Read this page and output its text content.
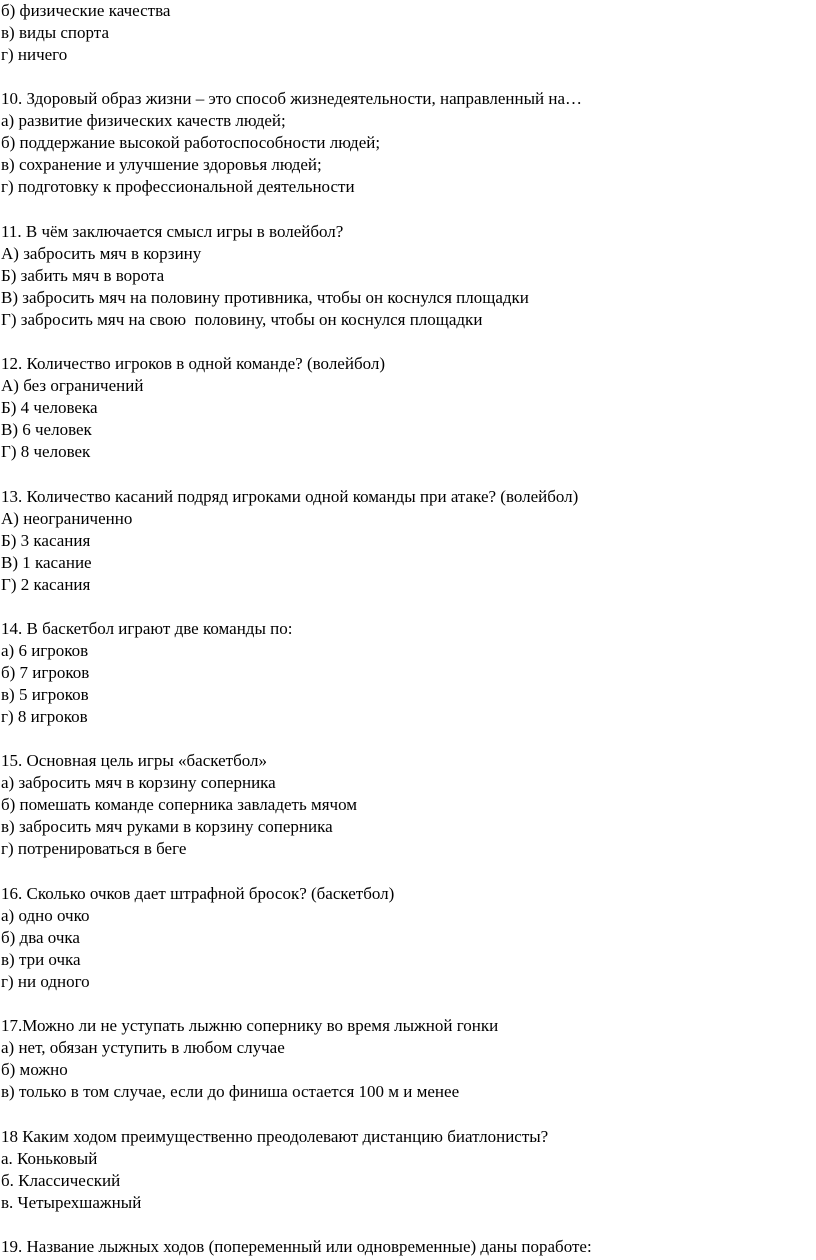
б) физические качества
в) виды спорта
г) ничего
10. Здоровый образ жизни – это способ жизнедеятельности, направленный на…
а) развитие физических качеств людей;
б) поддержание высокой работоспособности людей;
в) сохранение и улучшение здоровья людей;
г) подготовку к профессиональной деятельности
11. В чём заключается смысл игры в волейбол?
А) забросить мяч в корзину
Б) забить мяч в ворота
В) забросить мяч на половину противника, чтобы он коснулся площадки
Г) забросить мяч на свою  половину, чтобы он коснулся площадки
12. Количество игроков в одной команде? (волейбол)
А) без ограничений
Б) 4 человека
В) 6 человек
Г) 8 человек
13. Количество касаний подряд игроками одной команды при атаке? (волейбол)
А) неограниченно
Б) 3 касания
В) 1 касание
Г) 2 касания
14. В баскетбол играют две команды по:
а) 6 игроков
б) 7 игроков
в) 5 игроков
г) 8 игроков
15. Основная цель игры «баскетбол»
а) забросить мяч в корзину соперника
б) помешать команде соперника завладеть мячом
в) забросить мяч руками в корзину соперника
г) потренироваться в беге
16. Сколько очков дает штрафной бросок? (баскетбол)
а) одно очко
б) два очка
в) три очка
г) ни одного
17.Можно ли не уступать лыжню сопернику во время лыжной гонки
а) нет, обязан уступить в любом случае
б) можно
в) только в том случае, если до финиша остается 100 м и менее
18 Каким ходом преимущественно преодолевают дистанцию биатлонисты?
а. Коньковый
б. Классический
в. Четырехшажный
19. Название лыжных ходов (попеременный или одновременные) даны поработе:
